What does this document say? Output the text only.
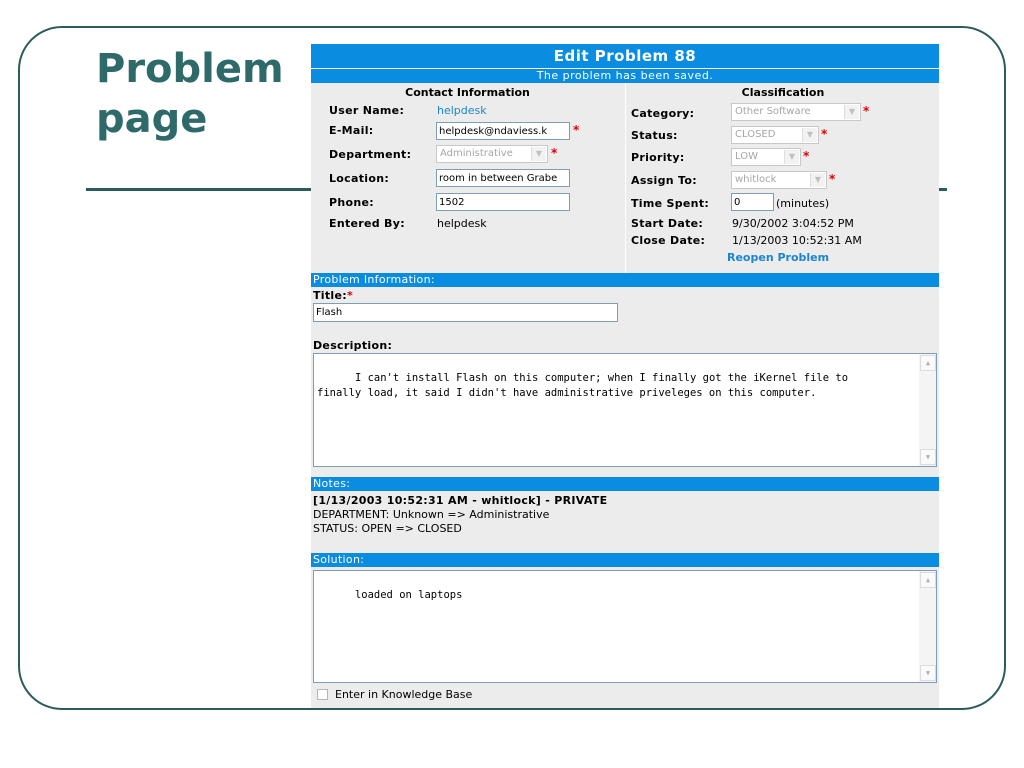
Problem page
Edit Problem 88
The problem has been saved.
Contact Information
User Name:	helpdesk
E-Mail:
helpdesk@ndaviess.k	*
Department:	Administrative	▼ *
Location:
room in between Grabe
Phone:
1502
Entered By:	helpdesk
Classification
Category:	Other Software	▼ *
Status:	CLOSED	▼ *
Priority:	LOW	▼ *
Assign To:	whitlock	▼ *
Time Spent:
0	(minutes)
Start Date:	9/30/2002 3:04:52 PM
Close Date: 1/13/2003 10:52:31 AM
Reopen Problem
Problem Information:
Title:*
Flash
Description:

I can't install Flash on this computer; when I finally got the iKernel file to
finally load, it said I didn't have administrative priveleges on this computer.

▲

▼

Notes:
[1/13/2003 10:52:31 AM - whitlock] - PRIVATE
DEPARTMENT: Unknown => Administrative
STATUS: OPEN => CLOSED
Solution:

loaded on laptops

▲

▼

Enter in Knowledge Base
